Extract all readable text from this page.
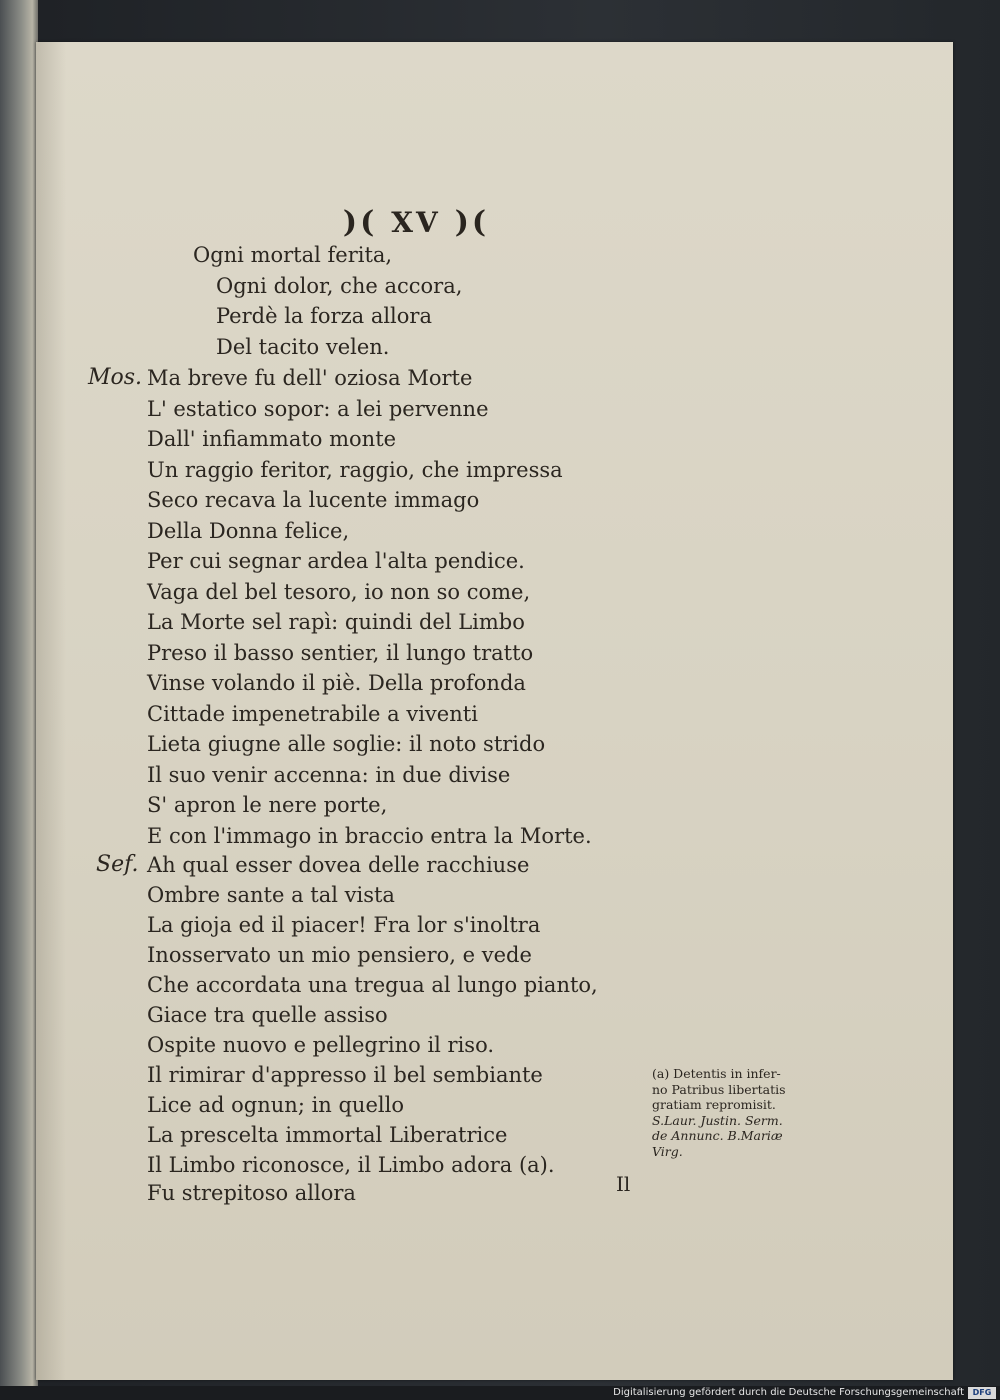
)( XV )(
Ogni mortal ferita,
Ogni dolor, che accora,
Perdè la forza allora
Del tacito velen.
Mos. Ma breve fu dell' oziosa Morte
L' estatico sopor: a lei pervenne
Dall' infiammato monte
Un raggio feritor, raggio, che impressa
Seco recava la lucente immago
Della Donna felice,
Per cui segnar ardea l'alta pendice.
Vaga del bel tesoro, io non so come,
La Morte sel rapì: quindi del Limbo
Preso il basso sentier, il lungo tratto
Vinse volando il piè. Della profonda
Cittade impenetrabile a viventi
Lieta giugne alle soglie: il noto strido
Il suo venir accenna: in due divise
S' apron le nere porte,
E con l'immago in braccio entra la Morte.
Sef. Ah qual esser dovea delle racchiuse
Ombre sante a tal vista
La gioja ed il piacer! Fra lor s'inoltra
Inosservato un mio pensiero, e vede
Che accordata una tregua al lungo pianto,
Giace tra quelle assiso
Ospite nuovo e pellegrino il riso.
Il rimirar d'appresso il bel sembiante
Lice ad ognun; in quello
La prescelta immortal Liberatrice
Il Limbo riconosce, il Limbo adora (a).
Fu strepitoso allora
(a) Detentis in infer-
no Patribus libertatis
gratiam repromisit.
S.Laur. Justin. Serm.
de Annunc. B.Mariæ
Virg.
Il
Digitalisierung gefördert durch die Deutsche Forschungsgemeinschaft	DFG
